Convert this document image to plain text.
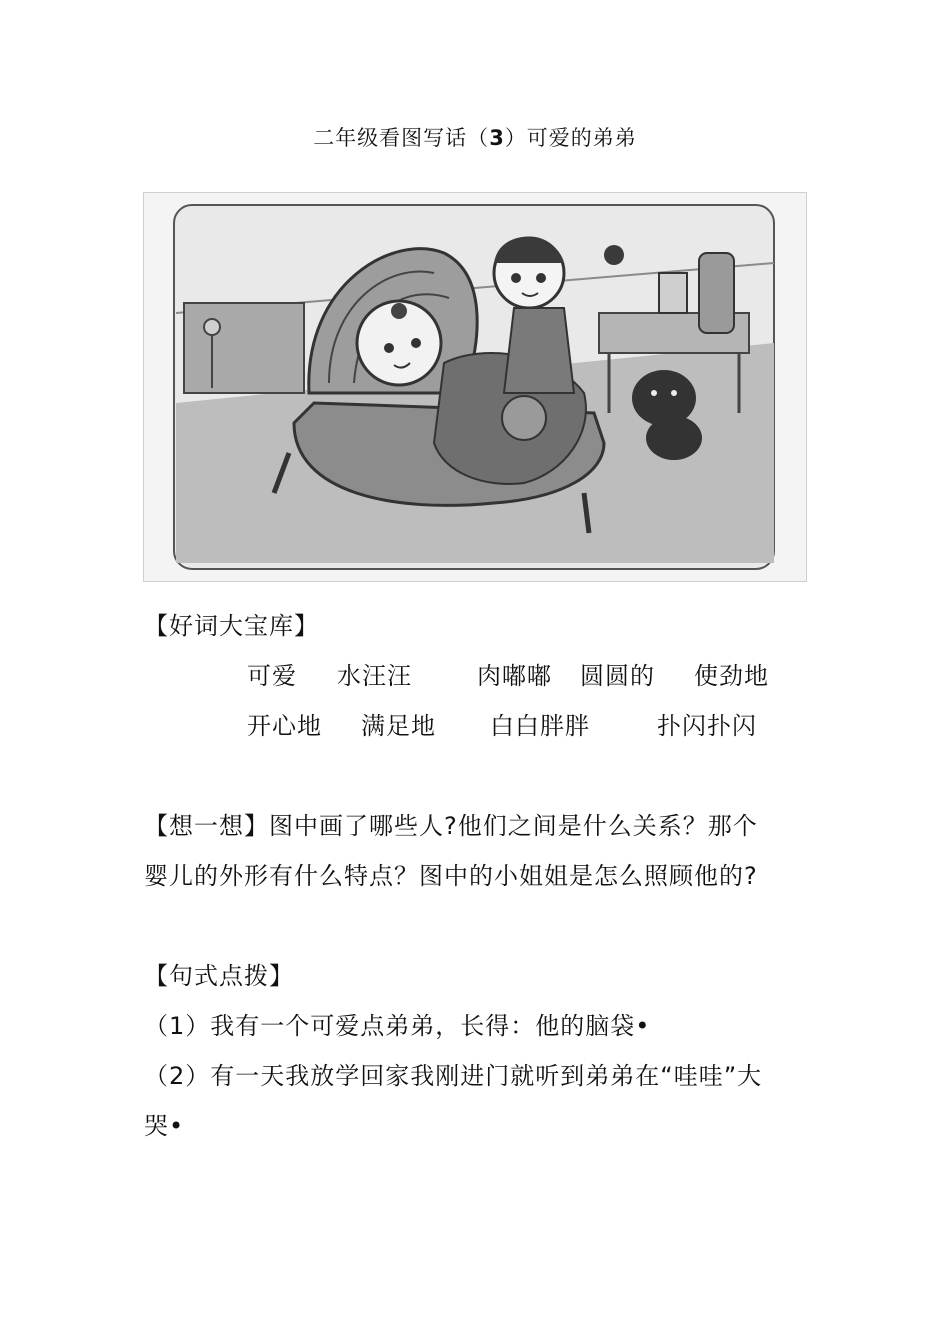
二年级看图写话（3）可爱的弟弟
【好词大宝库】
可爱 水汪汪	肉嘟嘟 圆圆的 使劲地
开心地 满足地 白白胖胖	扑闪扑闪
【想一想】图中画了哪些人?他们之间是什么关系？那个
婴儿的外形有什么特点？图中的小姐姐是怎么照顾他的?
【句式点拨】
（1）我有一个可爱点弟弟，长得：他的脑袋•
（2）有一天我放学回家我刚进门就听到弟弟在“哇哇”大
哭•
